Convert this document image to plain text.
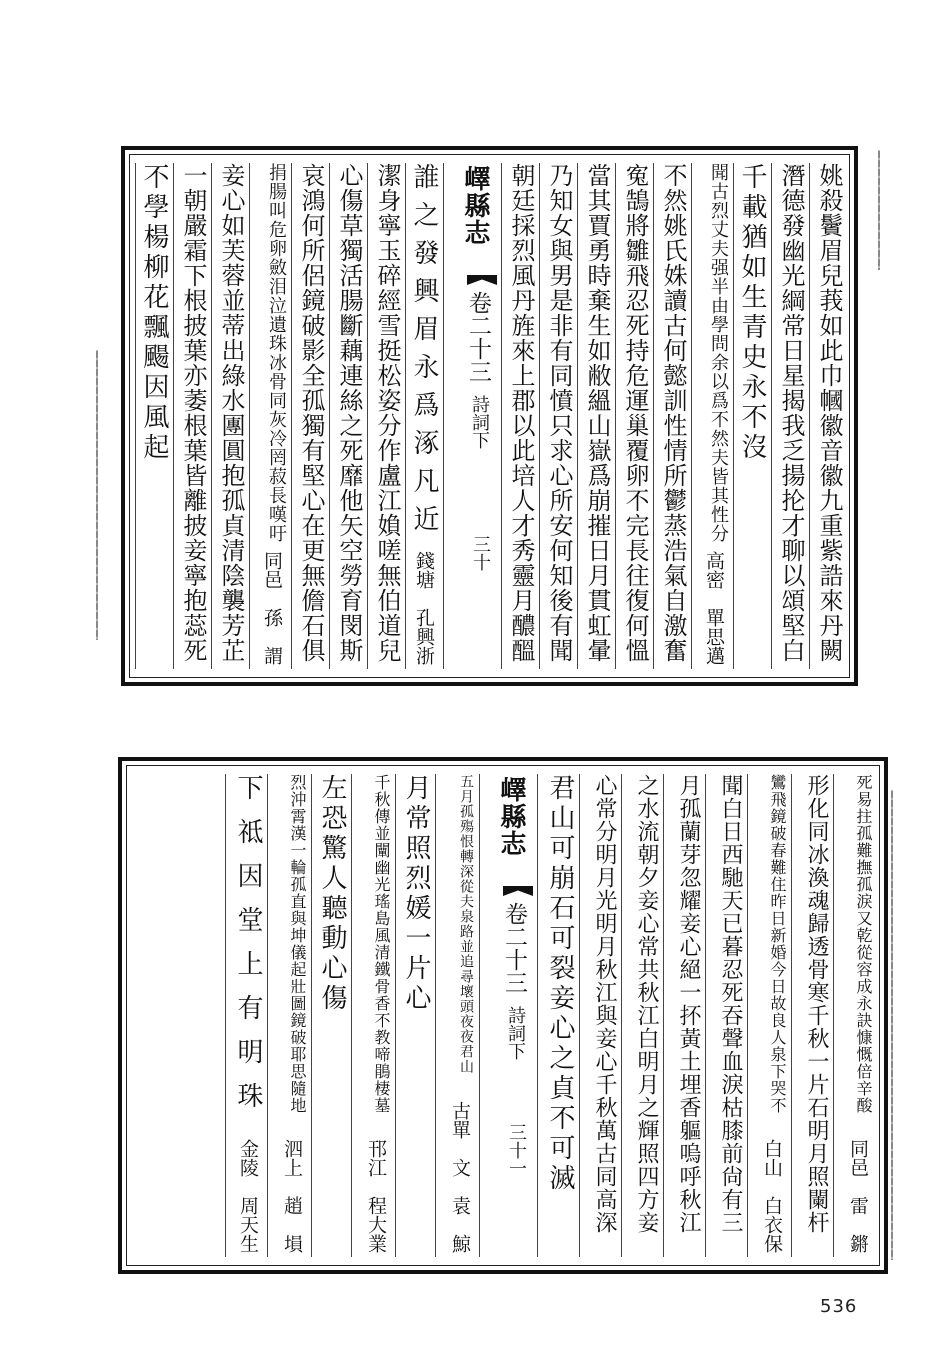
姚殺鬢眉兒莪如此巾幗徽音徽九重紫誥來丹闕
潛德發幽光綱常日星揭我乏揚抡才聊以頌堅白
千載猶如生青史永不沒
聞古烈丈夫强半由學問余以爲不然夫皆其性分
高密　單思邁
不然姚氏姝讀古何懿訓性情所鬱蒸浩氣自激奮
寃鵠將雛飛忍死持危運巢覆卵不完長往復何慍
當其賈勇時棄生如敝縕山嶽爲崩摧日月貫虹暈
乃知女與男是非有同憤只求心所安何知後有聞
朝廷採烈風丹旌來上郡以此培人才秀靈月醲醞
嶧縣志
卷二十三
詩詞下
三十
誰之發興眉永爲涿凡近
錢塘　孔興浙
潔身寧玉碎經雪挺松姿分作盧江媍嗟無伯道兒
心傷草獨活腸斷藕連絲之死靡他矢空勞育閔斯
哀鴻何所侶鏡破影全孤獨有堅心在更無儋石俱
捐腸叫危卵斂泪泣遺珠冰骨同灰冷罔菽長嘆吁
同邑　孫　謂
妾心如芙蓉並蒂出綠水團圓抱孤貞清陰襲芳芷
一朝嚴霜下根披葉亦萎根葉皆離披妾寧抱蕊死
不學楊柳花飄颺因風起
死易拄孤難撫孤淚又乾從容成永訣慷慨倍辛酸
同邑　雷　鏘
形化同冰渙魂歸透骨寒千秋一片石明月照闌杆
鸞飛鏡破春難住昨日新婚今日故良人泉下哭不
白山　白衣保
聞白日西馳天已暮忍死吞聲血淚枯膝前尙有三
月孤蘭芽忽耀妾心絕一抔黃土埋香軀嗚呼秋江
之水流朝夕妾心常共秋江白明月之輝照四方妾
心常分明月光明月秋江與妾心千秋萬古同高深
君山可崩石可裂妾心之貞不可滅
嶧縣志
卷二十三
詩詞下
三十一
五月孤殤恨轉深從夫泉路並追尋壞頭夜夜君山
古單　文　袁　鯨
月常照烈媛一片心
千秋傳並闡幽光瑤島風清鐵骨香不教啼鵑棲墓
邗江　程大業
左恐驚人聽動心傷
烈沖霄漢一輪孤直與坤儀起壯圖鏡破耶思隨地
泗上　趙　塤
下祗因堂上有明珠
金陵　周天生
536
